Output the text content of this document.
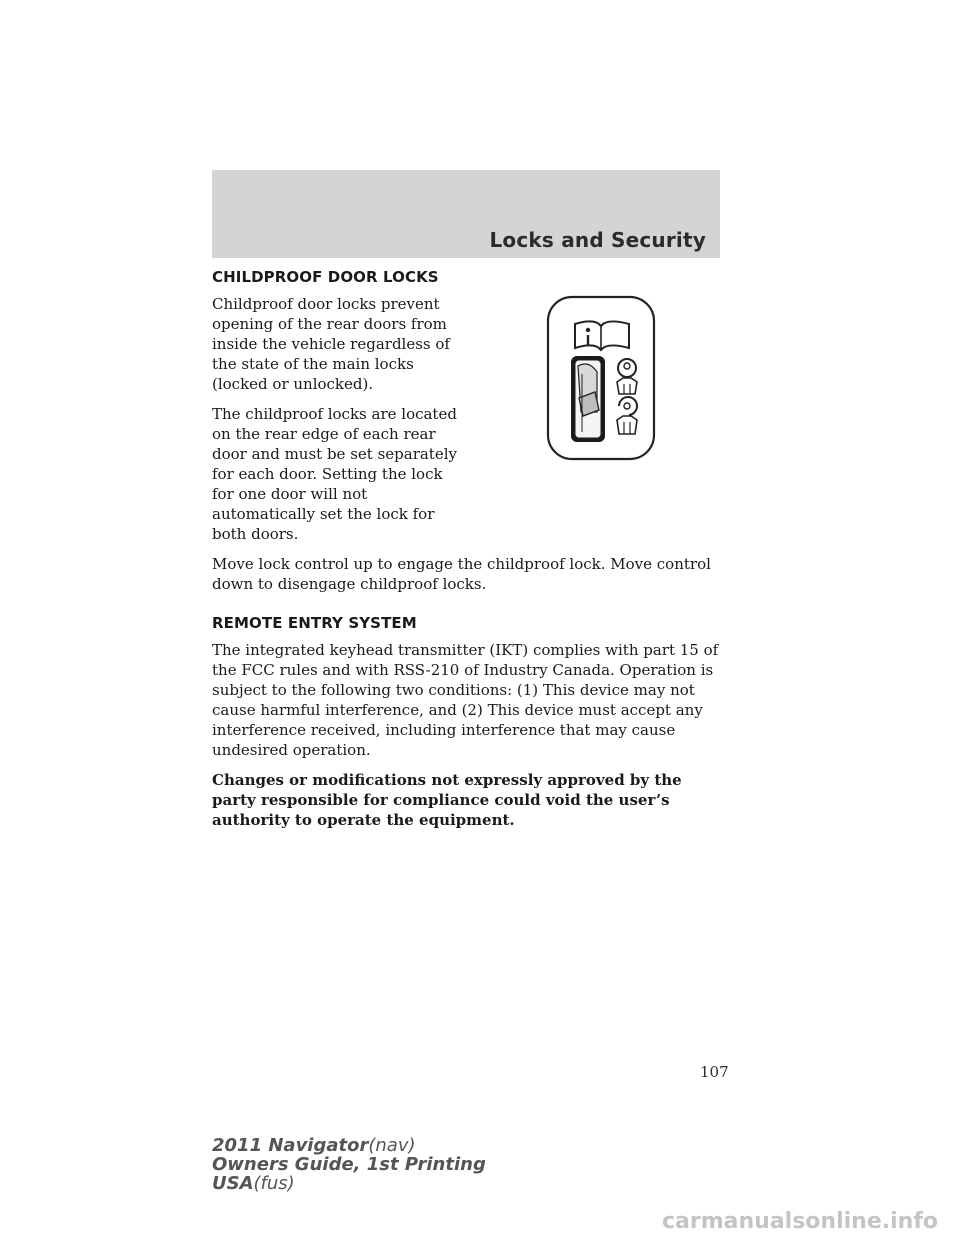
Locks and Security
CHILDPROOF DOOR LOCKS

Childproof door locks prevent opening of the rear doors from inside the vehicle regardless of the state of the main locks (locked or unlocked).

The childproof locks are located on the rear edge of each rear door and must be set separately for each door. Setting the lock for one door will not automatically set the lock for both doors.

Move lock control up to engage the childproof lock. Move control down to disengage childproof locks.

REMOTE ENTRY SYSTEM

The integrated keyhead transmitter (IKT) complies with part 15 of the FCC rules and with RSS-210 of Industry Canada. Operation is subject to the following two conditions: (1) This device may not cause harmful interference, and (2) This device must accept any interference received, including interference that may cause undesired operation.

Changes or modifications not expressly approved by the party responsible for compliance could void the user’s authority to operate the equipment.

107
2011 Navigator(nav)
Owners Guide, 1st Printing
USA(fus)
carmanualsonline.info
